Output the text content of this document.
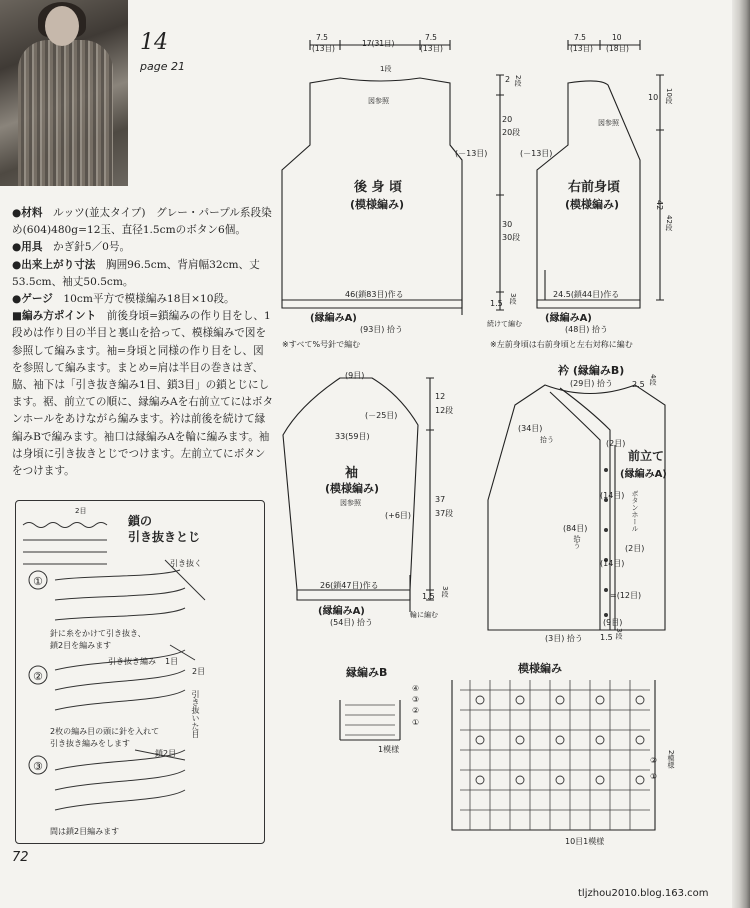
14
page 21

●材料　 ルッツ(並太タイプ)　グレー・パープル系段染め(604)480g=12玉、直径1.5cmのボタン6個。

●用具　 かぎ針5／0号。

●出来上がり寸法　 胸囲96.5cm、背肩幅32cm、丈53.5cm、袖丈50.5cm。

●ゲージ　 10cm平方で模様編み18目×10段。

■編み方ポイント　 前後身頃=鎖編みの作り目をし、1段めは作り目の半目と裏山を拾って、模様編みで図を参照して編みます。袖=身頃と同様の作り目をし、図を参照して編みます。まとめ=肩は半目の巻きはぎ、脇、袖下は「引き抜き編み1目、鎖3目」の鎖とじにします。裾、前立ての順に、縁編みAを右前立てにはボタンホールをあけながら編みます。衿は前後を続けて縁編みBで編みます。袖口は縁編みAを輪に編みます。袖は身頃に引き抜きとじでつけます。左前立てにボタンをつけます。

2目
鎖の
引き抜きとじ
①
②
③
引き抜く
針に糸をかけて引き抜き、
鎖2目を編みます
引き抜き編み 1目
2目
引き抜いた目
2枚の編み目の頭に針を入れて
引き抜き編みをします
鎖2目
間は鎖2目編みます
7.5
(13目)
17(31目)
7.5
(13目)
1段
図参照
後 身 頃
(模様編み)
(－13目)
46(鎖83目)作る
(縁編みA)
(93目) 拾う
※すべて%号針で編む
2 2段
20
20段
30
30段
1.5 3段
続けて編む
7.5
(13目)
10
(18目)
図参照
右前身頃
(模様編み)
(－13目)
24.5(鎖44目)作る
(縁編みA)
(48目) 拾う
※左前身頃は右前身頃と左右対称に編む
10 10段
42
42段
(9目)
(－25目)
33(59目)
袖
(模様編み)
図参照
(+6目)
26(鎖47目)作る
(縁編みA)
(54目) 拾う
輪に編む
12
12段
37
37段
1.5 3段
衿 (縁編みB)
(29目) 拾う 2.5 4段
(34目)
拾う	(2目)
前立て
(縁編みA)
(14目) ボタンホール
(2目)
(84目)
拾う
(14目)
=(12目)
(9目)
(3目) 拾う 1.5 3段
縁編みB
④
③
②
①
1模様
模様編み
2模様
②
①
10目1模様
72
tljzhou2010.blog.163.com
